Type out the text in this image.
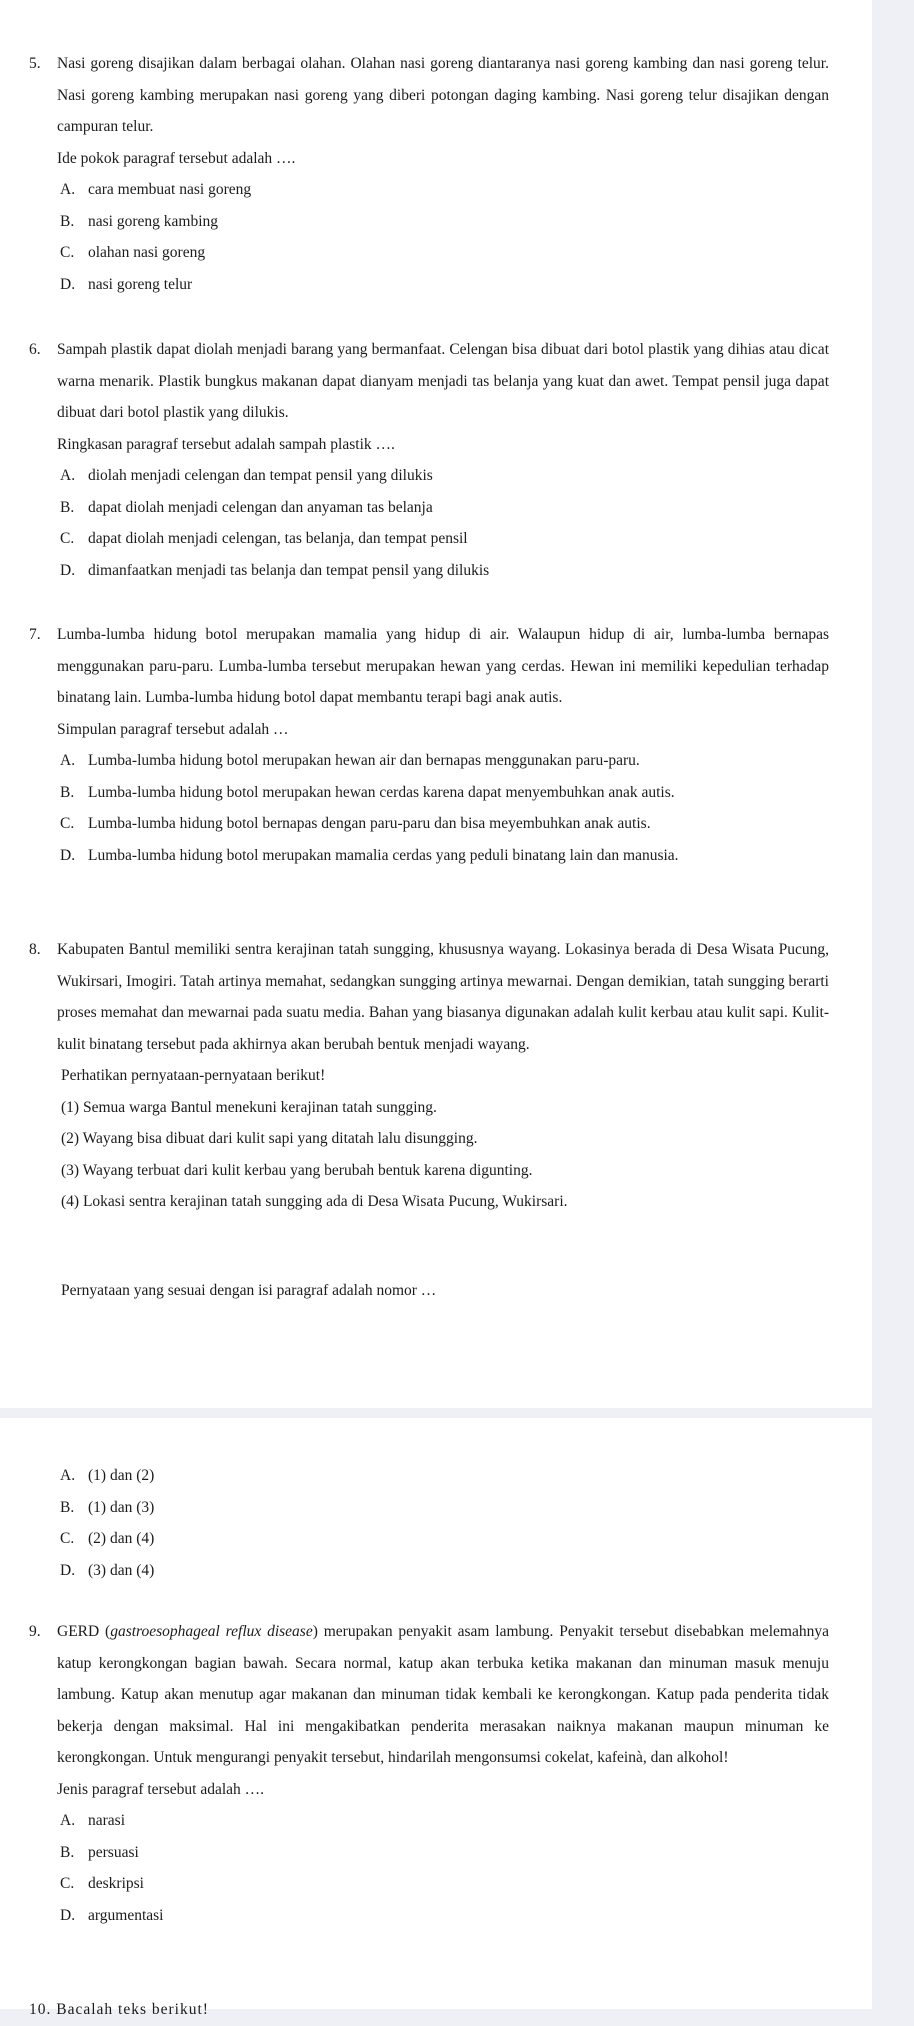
5. Nasi goreng disajikan dalam berbagai olahan. Olahan nasi goreng diantaranya nasi goreng kambing dan nasi goreng telur. Nasi goreng kambing merupakan nasi goreng yang diberi potongan daging kambing. Nasi goreng telur disajikan dengan campuran telur.

Ide pokok paragraf tersebut adalah ….

A. cara membuat nasi goreng
B. nasi goreng kambing
C. olahan nasi goreng
D. nasi goreng telur
6. Sampah plastik dapat diolah menjadi barang yang bermanfaat. Celengan bisa dibuat dari botol plastik yang dihias atau dicat warna menarik. Plastik bungkus makanan dapat dianyam menjadi tas belanja yang kuat dan awet. Tempat pensil juga dapat dibuat dari botol plastik yang dilukis.

Ringkasan paragraf tersebut adalah sampah plastik ….

A. diolah menjadi celengan dan tempat pensil yang dilukis
B. dapat diolah menjadi celengan dan anyaman tas belanja
C. dapat diolah menjadi celengan, tas belanja, dan tempat pensil
D. dimanfaatkan menjadi tas belanja dan tempat pensil yang dilukis
7. Lumba-lumba hidung botol merupakan mamalia yang hidup di air. Walaupun hidup di air, lumba-lumba bernapas menggunakan paru-paru. Lumba-lumba tersebut merupakan hewan yang cerdas. Hewan ini memiliki kepedulian terhadap binatang lain. Lumba-lumba hidung botol dapat membantu terapi bagi anak autis.

Simpulan paragraf tersebut adalah …

A. Lumba-lumba hidung botol merupakan hewan air dan bernapas menggunakan paru-paru.
B. Lumba-lumba hidung botol merupakan hewan cerdas karena dapat menyembuhkan anak autis.
C. Lumba-lumba hidung botol bernapas dengan paru-paru dan bisa meyembuhkan anak autis.
D. Lumba-lumba hidung botol merupakan mamalia cerdas yang peduli binatang lain dan manusia.
8. Kabupaten Bantul memiliki sentra kerajinan tatah sungging, khususnya wayang. Lokasinya berada di Desa Wisata Pucung, Wukirsari, Imogiri. Tatah artinya memahat, sedangkan sungging artinya mewarnai. Dengan demikian, tatah sungging berarti proses memahat dan mewarnai pada suatu media. Bahan yang biasanya digunakan adalah kulit kerbau atau kulit sapi. Kulit-kulit binatang tersebut pada akhirnya akan berubah bentuk menjadi wayang.

Perhatikan pernyataan-pernyataan berikut!

(1) Semua warga Bantul menekuni kerajinan tatah sungging.

(2) Wayang bisa dibuat dari kulit sapi yang ditatah lalu disungging.

(3) Wayang terbuat dari kulit kerbau yang berubah bentuk karena digunting.

(4) Lokasi sentra kerajinan tatah sungging ada di Desa Wisata Pucung, Wukirsari.

Pernyataan yang sesuai dengan isi paragraf adalah nomor …

A. (1) dan (2)
B. (1) dan (3)
C. (2) dan (4)
D. (3) dan (4)
9. GERD (gastroesophageal reflux disease) merupakan penyakit asam lambung. Penyakit tersebut disebabkan melemahnya katup kerongkongan bagian bawah. Secara normal, katup akan terbuka ketika makanan dan minuman masuk menuju lambung. Katup akan menutup agar makanan dan minuman tidak kembali ke kerongkongan. Katup pada penderita tidak bekerja dengan maksimal. Hal ini mengakibatkan penderita merasakan naiknya makanan maupun minuman ke kerongkongan. Untuk mengurangi penyakit tersebut, hindarilah mengonsumsi cokelat, kafeinà, dan alkohol!

Jenis paragraf tersebut adalah ….

A. narasi
B. persuasi
C. deskripsi
D. argumentasi
10. Bacalah teks berikut!
